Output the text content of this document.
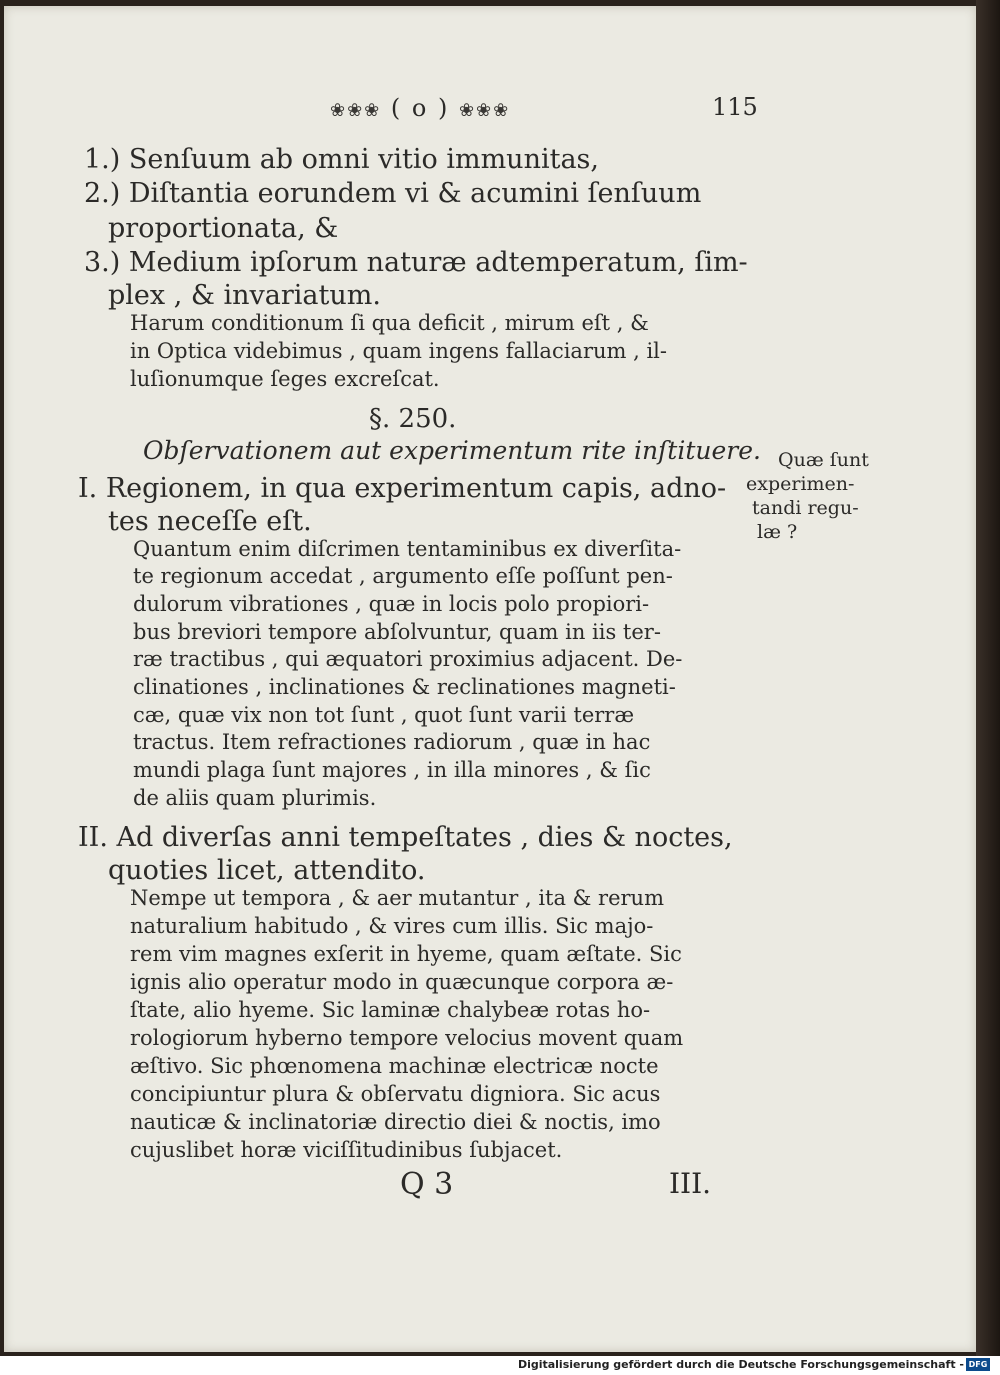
❀❀❀ ( o ) ❀❀❀	115
1.) Senſuum ab omni vitio immunitas,
2.) Diſtantia eorundem vi & acumini ſenſuum
proportionata, &
3.) Medium ipſorum naturæ adtemperatum, ſim-
plex , & invariatum.
Harum conditionum ſi qua deficit , mirum eſt , &
in Optica videbimus , quam ingens fallaciarum , il-
luſionumque ſeges excreſcat.
§. 250.
Obſervationem aut experimentum rite inſtituere. Quæ ſunt
experimen-
tandi regu-
læ ?
I. Regionem, in qua experimentum capis, adno-
tes neceſſe eſt.
Quantum enim diſcrimen tentaminibus ex diverſita-
te regionum accedat , argumento eſſe poſſunt pen-
dulorum vibrationes , quæ in locis polo propiori-
bus breviori tempore abſolvuntur, quam in iis ter-
ræ tractibus , qui æquatori proximius adjacent. De-
clinationes , inclinationes & reclinationes magneti-
cæ, quæ vix non tot ſunt , quot ſunt varii terræ
tractus. Item refractiones radiorum , quæ in hac
mundi plaga ſunt majores , in illa minores , & ſic
de aliis quam plurimis.
II. Ad diverſas anni tempeſtates , dies & noctes,
quoties licet, attendito.
Nempe ut tempora , & aer mutantur , ita & rerum
naturalium habitudo , & vires cum illis. Sic majo-
rem vim magnes exſerit in hyeme, quam æſtate. Sic
ignis alio operatur modo in quæcunque corpora æ-
ſtate, alio hyeme. Sic laminæ chalybeæ rotas ho-
rologiorum hyberno tempore velocius movent quam
æſtivo. Sic phœnomena machinæ electricæ nocte
concipiuntur plura & obſervatu digniora. Sic acus
nauticæ & inclinatoriæ directio diei & noctis, imo
cujuslibet horæ viciſſitudinibus ſubjacet.
Q 3	III.
Digitalisierung gefördert durch die Deutsche Forschungsgemeinschaft - DFG
